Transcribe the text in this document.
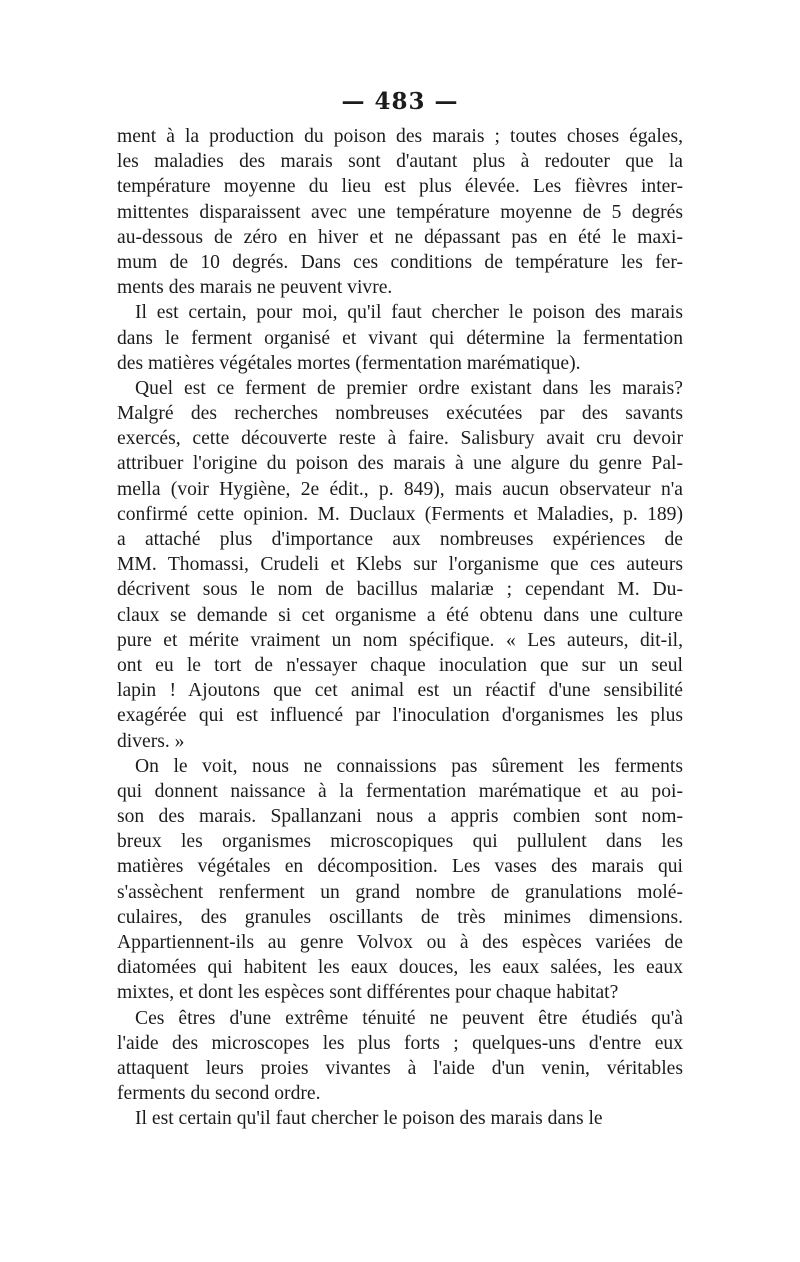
— 483 —
ment à la production du poison des marais ; toutes choses égales,
les maladies des marais sont d'autant plus à redouter que la
température moyenne du lieu est plus élevée. Les fièvres inter-
mittentes disparaissent avec une température moyenne de 5 degrés
au-dessous de zéro en hiver et ne dépassant pas en été le maxi-
mum de 10 degrés. Dans ces conditions de température les fer-
ments des marais ne peuvent vivre.
Il est certain, pour moi, qu'il faut chercher le poison des marais
dans le ferment organisé et vivant qui détermine la fermentation
des matières végétales mortes (fermentation marématique).
Quel est ce ferment de premier ordre existant dans les marais?
Malgré des recherches nombreuses exécutées par des savants
exercés, cette découverte reste à faire. Salisbury avait cru devoir
attribuer l'origine du poison des marais à une algure du genre Pal-
mella (voir Hygiène, 2e édit., p. 849), mais aucun observateur n'a
confirmé cette opinion. M. Duclaux (Ferments et Maladies, p. 189)
a attaché plus d'importance aux nombreuses expériences de
MM. Thomassi, Crudeli et Klebs sur l'organisme que ces auteurs
décrivent sous le nom de bacillus malariæ ; cependant M. Du-
claux se demande si cet organisme a été obtenu dans une culture
pure et mérite vraiment un nom spécifique. « Les auteurs, dit-il,
ont eu le tort de n'essayer chaque inoculation que sur un seul
lapin ! Ajoutons que cet animal est un réactif d'une sensibilité
exagérée qui est influencé par l'inoculation d'organismes les plus
divers. »
On le voit, nous ne connaissions pas sûrement les ferments
qui donnent naissance à la fermentation marématique et au poi-
son des marais. Spallanzani nous a appris combien sont nom-
breux les organismes microscopiques qui pullulent dans les
matières végétales en décomposition. Les vases des marais qui
s'assèchent renferment un grand nombre de granulations molé-
culaires, des granules oscillants de très minimes dimensions.
Appartiennent-ils au genre Volvox ou à des espèces variées de
diatomées qui habitent les eaux douces, les eaux salées, les eaux
mixtes, et dont les espèces sont différentes pour chaque habitat?
Ces êtres d'une extrême ténuité ne peuvent être étudiés qu'à
l'aide des microscopes les plus forts ; quelques-uns d'entre eux
attaquent leurs proies vivantes à l'aide d'un venin, véritables
ferments du second ordre.
Il est certain qu'il faut chercher le poison des marais dans le
